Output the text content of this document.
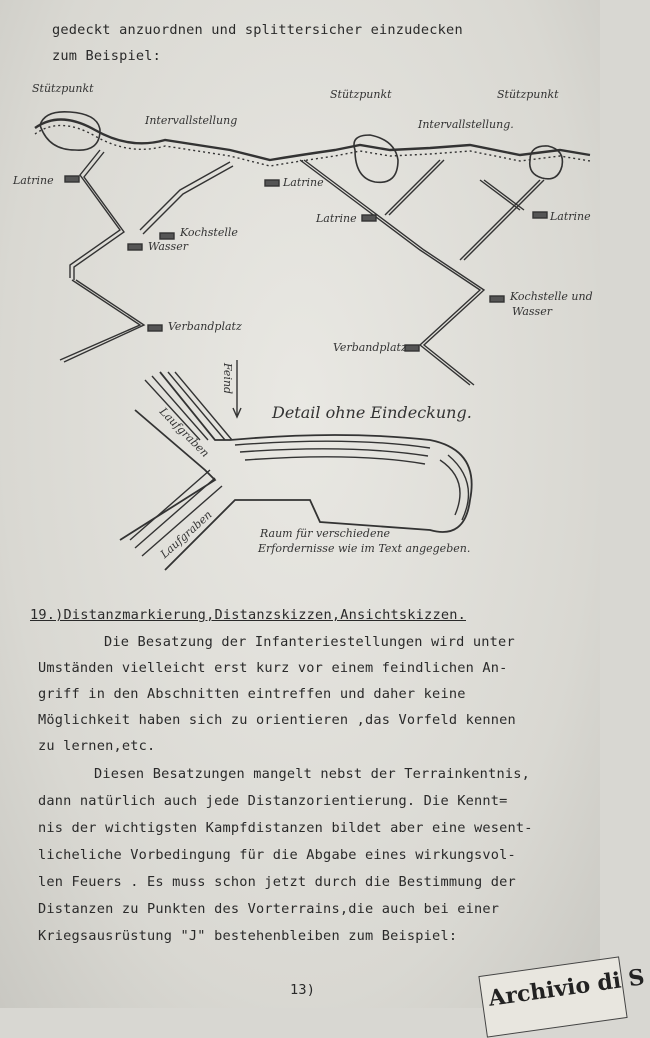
gedeckt anzuordnen und splittersicher einzudecken
zum Beispiel:
Stützpunkt	Stützpunkt	Stützpunkt
Intervallstellung	Intervallstellung.
Latrine	Latrine
Latrine	Latrine
Kochstelle
Wasser
Kochstelle und
Wasser
Verbandplatz
Verbandplatz
Feind
Detail ohne Eindeckung.
Laufgraben
Laufgraben	Raum für verschiedene
Erfordernisse wie im Text angegeben.
19.)Distanzmarkierung,Distanzskizzen,Ansichtskizzen.
Die Besatzung der Infanteriestellungen wird unter
Umständen vielleicht erst kurz vor einem feindlichen An-
griff in den Abschnitten eintreffen und daher keine
Möglichkeit haben sich zu orientieren ,das Vorfeld kennen
zu lernen,etc.
Diesen Besatzungen mangelt nebst der Terrainkentnis,
dann natürlich auch jede Distanzorientierung. Die Kennt=
nis der wichtigsten Kampfdistanzen bildet aber eine wesent-
licheliche Vorbedingung für die Abgabe eines wirkungsvol-
len Feuers . Es muss schon jetzt durch die Bestimmung der
Distanzen zu Punkten des Vorterrains,die auch bei einer
Kriegsausrüstung "J" bestehenbleiben zum Beispiel:
13)	Archivio di S
